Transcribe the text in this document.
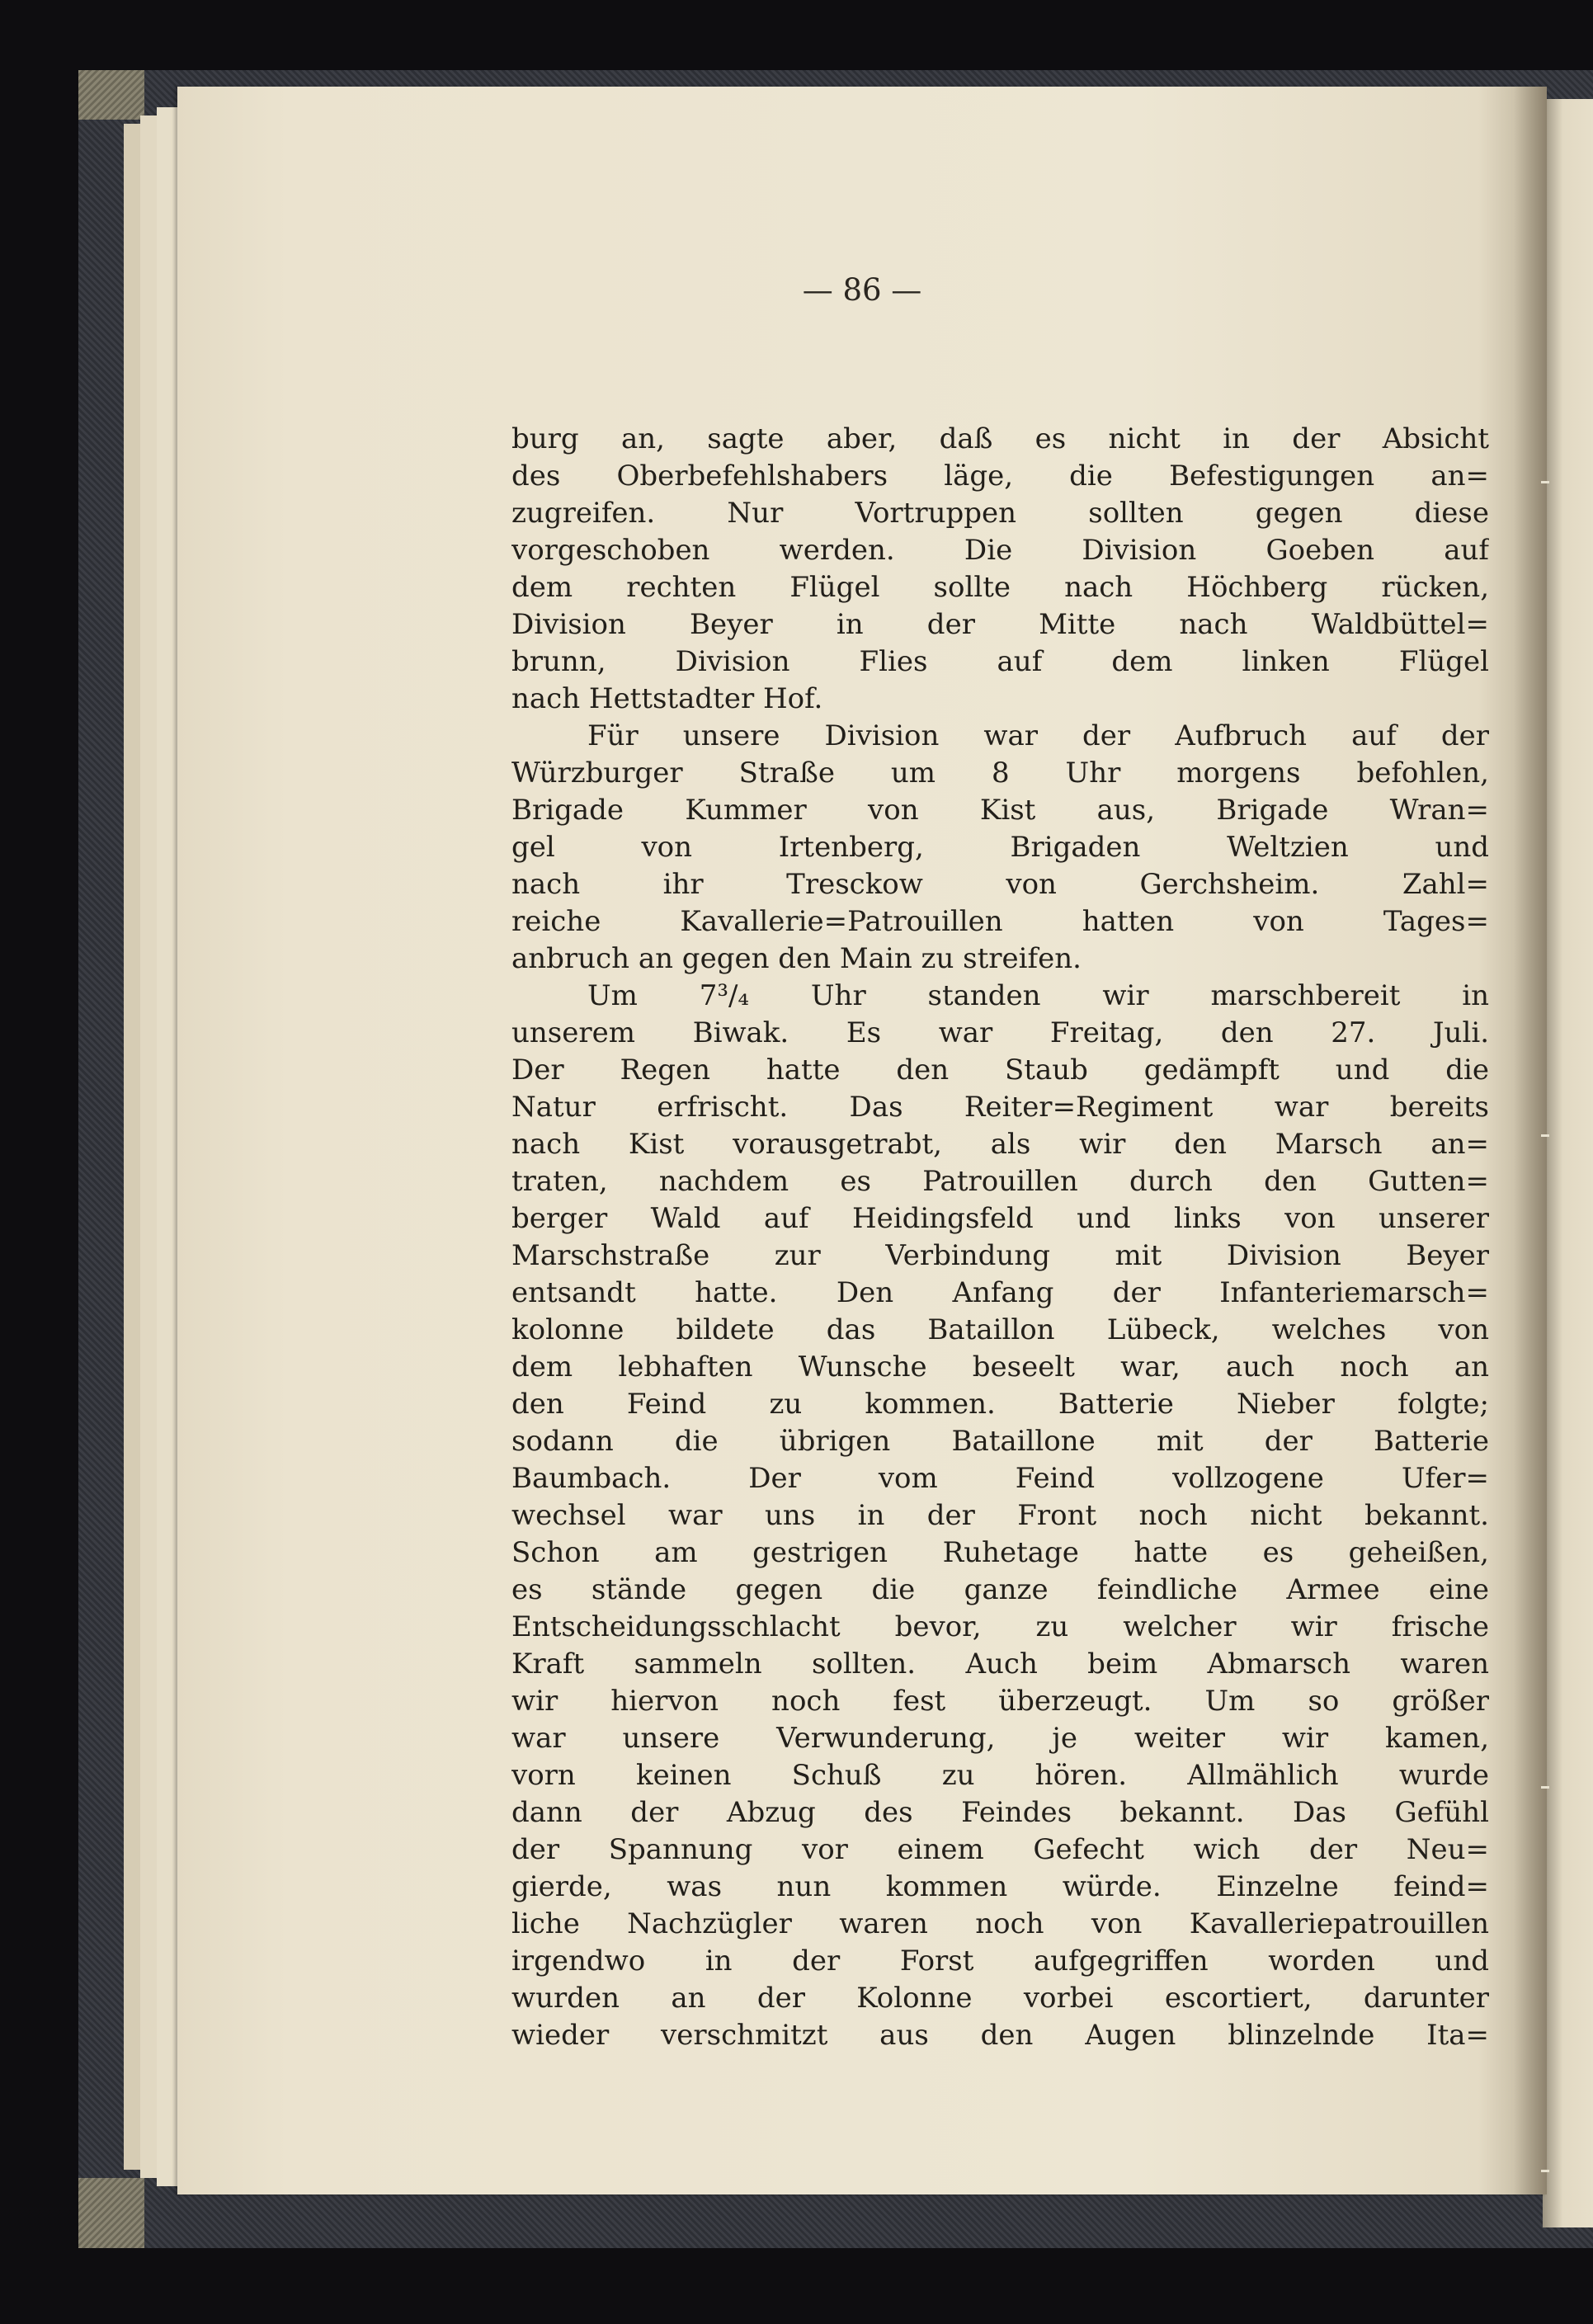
— 86 —
burg an, sagte aber, daß es nicht in der Absicht
des Oberbefehlshabers läge, die Befestigungen an=
zugreifen. Nur Vortruppen sollten gegen diese
vorgeschoben werden. Die Division Goeben auf
dem rechten Flügel sollte nach Höchberg rücken,
Division Beyer in der Mitte nach Waldbüttel=
brunn, Division Flies auf dem linken Flügel
nach Hettstadter Hof.
Für unsere Division war der Aufbruch auf der
Würzburger Straße um 8 Uhr morgens befohlen,
Brigade Kummer von Kist aus, Brigade Wran=
gel von Irtenberg, Brigaden Weltzien und
nach ihr Tresckow von Gerchsheim. Zahl=
reiche Kavallerie=Patrouillen hatten von Tages=
anbruch an gegen den Main zu streifen.
Um 7³/₄ Uhr standen wir marschbereit in
unserem Biwak. Es war Freitag, den 27. Juli.
Der Regen hatte den Staub gedämpft und die
Natur erfrischt. Das Reiter=Regiment war bereits
nach Kist vorausgetrabt, als wir den Marsch an=
traten, nachdem es Patrouillen durch den Gutten=
berger Wald auf Heidingsfeld und links von unserer
Marschstraße zur Verbindung mit Division Beyer
entsandt hatte. Den Anfang der Infanteriemarsch=
kolonne bildete das Bataillon Lübeck, welches von
dem lebhaften Wunsche beseelt war, auch noch an
den Feind zu kommen. Batterie Nieber folgte;
sodann die übrigen Bataillone mit der Batterie
Baumbach. Der vom Feind vollzogene Ufer=
wechsel war uns in der Front noch nicht bekannt.
Schon am gestrigen Ruhetage hatte es geheißen,
es stände gegen die ganze feindliche Armee eine
Entscheidungsschlacht bevor, zu welcher wir frische
Kraft sammeln sollten. Auch beim Abmarsch waren
wir hiervon noch fest überzeugt. Um so größer
war unsere Verwunderung, je weiter wir kamen,
vorn keinen Schuß zu hören. Allmählich wurde
dann der Abzug des Feindes bekannt. Das Gefühl
der Spannung vor einem Gefecht wich der Neu=
gierde, was nun kommen würde. Einzelne feind=
liche Nachzügler waren noch von Kavalleriepatrouillen
irgendwo in der Forst aufgegriffen worden und
wurden an der Kolonne vorbei escortiert, darunter
wieder verschmitzt aus den Augen blinzelnde Ita=
